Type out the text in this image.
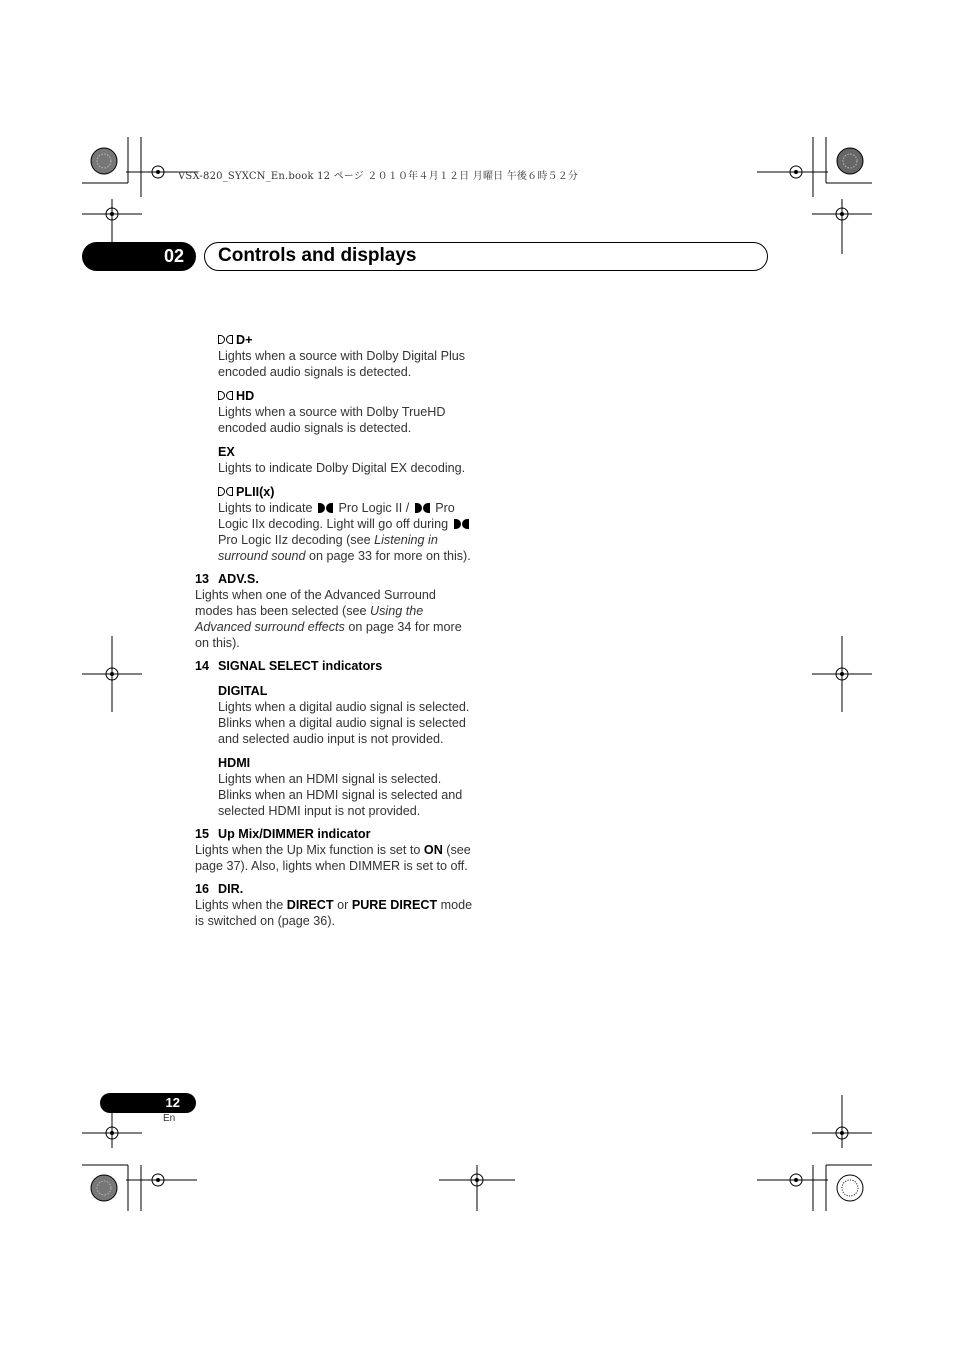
VSX-820_SYXCN_En.book 12 ページ ２０１０年４月１２日 月曜日 午後６時５２分
02	Controls and displays
D+

Lights when a source with Dolby Digital Plus encoded audio signals is detected.

HD

Lights when a source with Dolby TrueHD encoded audio signals is detected.

EX

Lights to indicate Dolby Digital EX decoding.

PLII(x)

Lights to indicate  Pro Logic II /  Pro Logic IIx decoding. Light will go off during  Pro Logic IIz decoding (see Listening in surround sound on page 33 for more on this).

13 ADV.S.

Lights when one of the Advanced Surround modes has been selected (see Using the Advanced surround effects on page 34 for more on this).

14 SIGNAL SELECT indicators
DIGITAL

Lights when a digital audio signal is selected.

Blinks when a digital audio signal is selected and selected audio input is not provided.

HDMI

Lights when an HDMI signal is selected.

Blinks when an HDMI signal is selected and selected HDMI input is not provided.

15 Up Mix/DIMMER indicator

Lights when the Up Mix function is set to ON (see page 37). Also, lights when DIMMER is set to off.

16 DIR.

Lights when the DIRECT or PURE DIRECT mode is switched on (page 36).

12
En
